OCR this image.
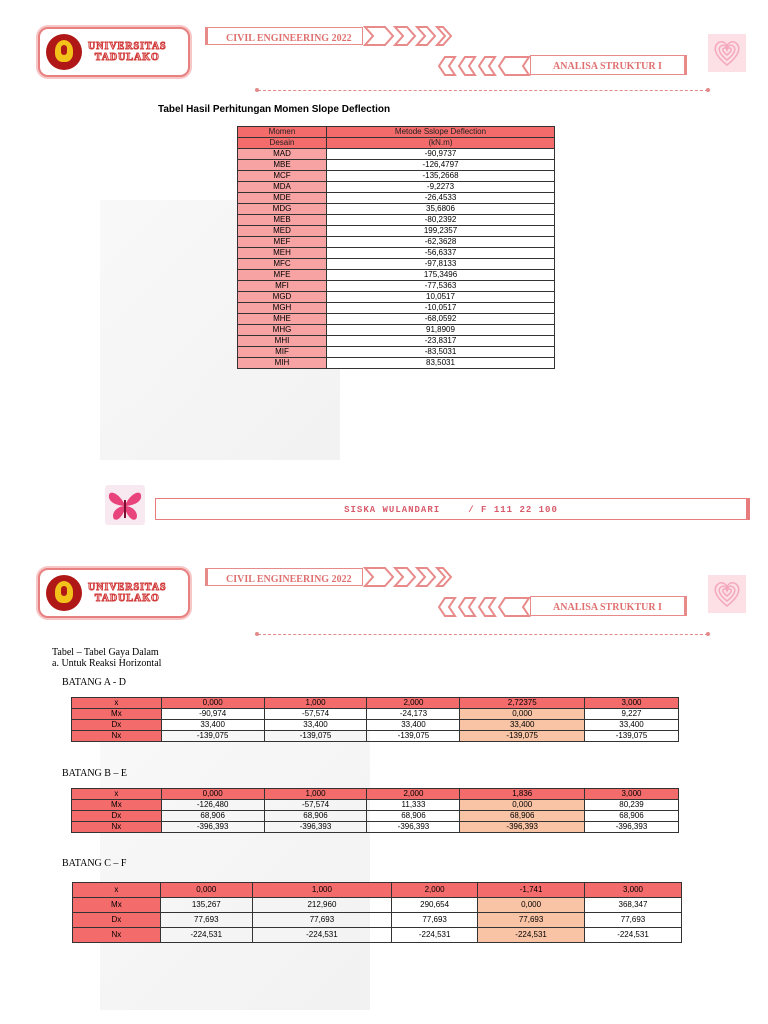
UNIVERSITAS
TADULAKO
CIVIL ENGINEERING 2022
ANALISA STRUKTUR I
Tabel Hasil Perhitungan Momen Slope Deflection
Momen	Metode Sslope Deflection
Desain	(kN.m)
MAD	-90,9737
MBE	-126,4797
MCF	-135,2668
MDA	-9,2273
MDE	-26,4533
MDG	35,6806
MEB	-80,2392
MED	199,2357
MEF	-62,3628
MEH	-56,6337
MFC	-97,8133
MFE	175,3496
MFI	-77,5363
MGD	10,0517
MGH	-10,0517
MHE	-68,0592
MHG	91,8909
MHI	-23,8317
MIF	-83,5031
MIH	83,5031
SISKA WULANDARI	/ F 111 22 100
UNIVERSITAS
TADULAKO
CIVIL ENGINEERING 2022
ANALISA STRUKTUR I
Tabel – Tabel Gaya Dalam
a. Untuk Reaksi Horizontal
BATANG A - D
x	0,000	1,000	2,000	2,72375	3,000
Mx	-90,974	-57,574	-24,173	0,000	9,227
Dx	33,400	33,400	33,400	33,400	33,400
Nx	-139,075	-139,075	-139,075	-139,075	-139,075
BATANG B – E
x	0,000	1,000	2,000	1,836	3,000
Mx	-126,480	-57,574	11,333	0,000	80,239
Dx	68,906	68,906	68,906	68,906	68,906
Nx	-396,393	-396,393	-396,393	-396,393	-396,393
BATANG C – F
x	0,000	1,000	2,000	-1,741	3,000
Mx	135,267	212,960	290,654	0,000	368,347
Dx	77,693	77,693	77,693	77,693	77,693
Nx	-224,531	-224,531	-224,531	-224,531	-224,531
